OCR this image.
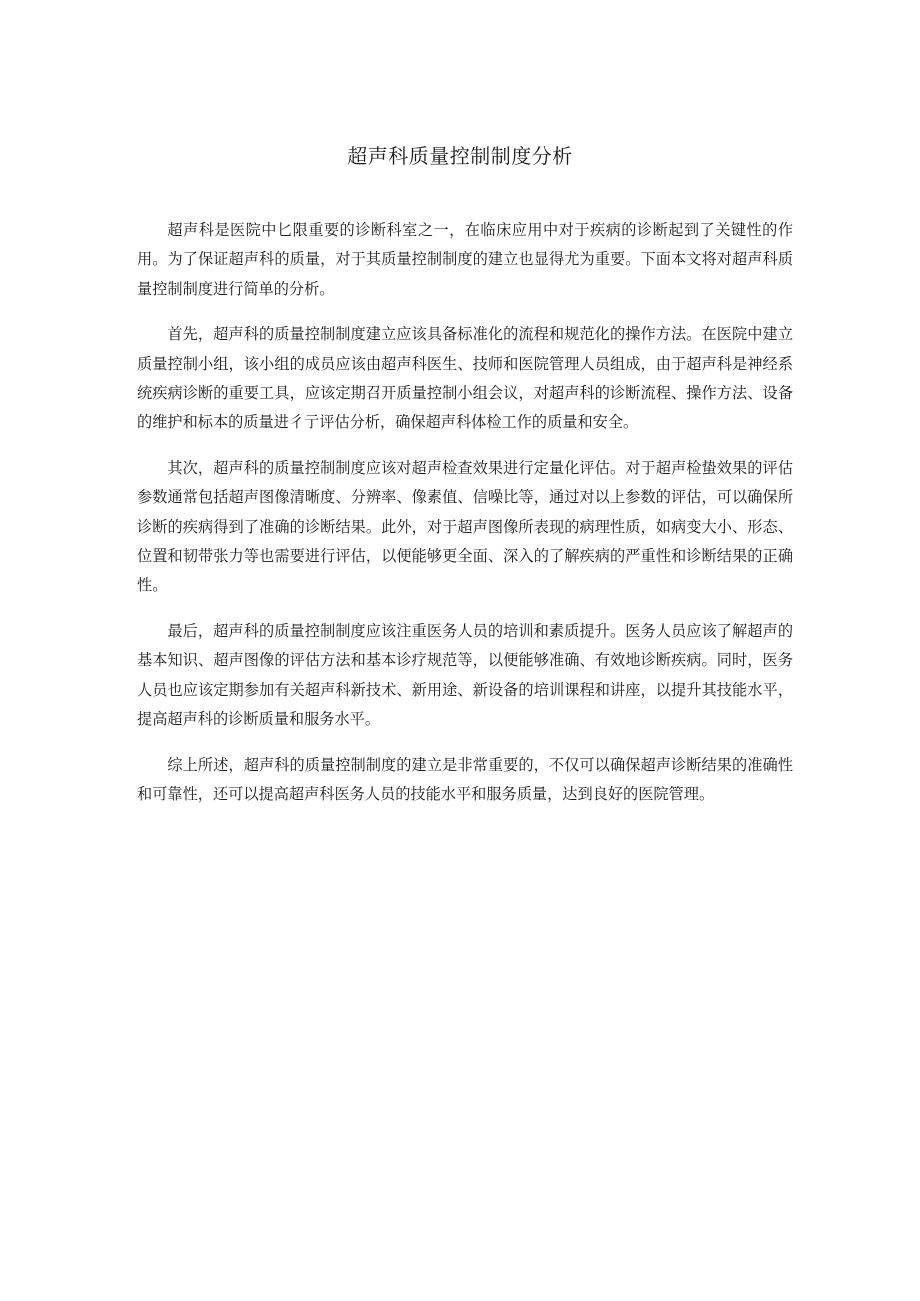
超声科质量控制制度分析

超声科是医院中匕限重要的诊断科室之一，在临床应用中对于疾病的诊断起到了关键性的作用。为了保证超声科的质量，对于其质量控制制度的建立也显得尤为重要。下面本文将对超声科质量控制制度进行简单的分析。

首先，超声科的质量控制制度建立应该具备标准化的流程和规范化的操作方法。在医院中建立质量控制小组，该小组的成员应该由超声科医生、技师和医院管理人员组成，由于超声科是神经系统疾病诊断的重要工具，应该定期召开质量控制小组会议，对超声科的诊断流程、操作方法、设备的维护和标本的质量进彳亍评估分析，确保超声科体检工作的质量和安全。

其次，超声科的质量控制制度应该对超声检查效果进行定量化评估。对于超声检蛰效果的评估参数通常包括超声图像清晰度、分辨率、像素值、信噪比等，通过对以上参数的评估，可以确保所诊断的疾病得到了准确的诊断结果。此外，对于超声图像所表现的病理性质，如病变大小、形态、位置和韧带张力等也需要进行评估，以便能够更全面、深入的了解疾病的严重性和诊断结果的正确性。

最后，超声科的质量控制制度应该注重医务人员的培训和素质提升。医务人员应该了解超声的基本知识、超声图像的评估方法和基本诊疗规范等，以便能够准确、有效地诊断疾病。同时，医务人员也应该定期参加有关超声科新技术、新用途、新设备的培训课程和讲座，以提升其技能水平，提高超声科的诊断质量和服务水平。

综上所述，超声科的质量控制制度的建立是非常重要的，不仅可以确保超声诊断结果的准确性和可靠性，还可以提高超声科医务人员的技能水平和服务质量，达到良好的医院管理。
